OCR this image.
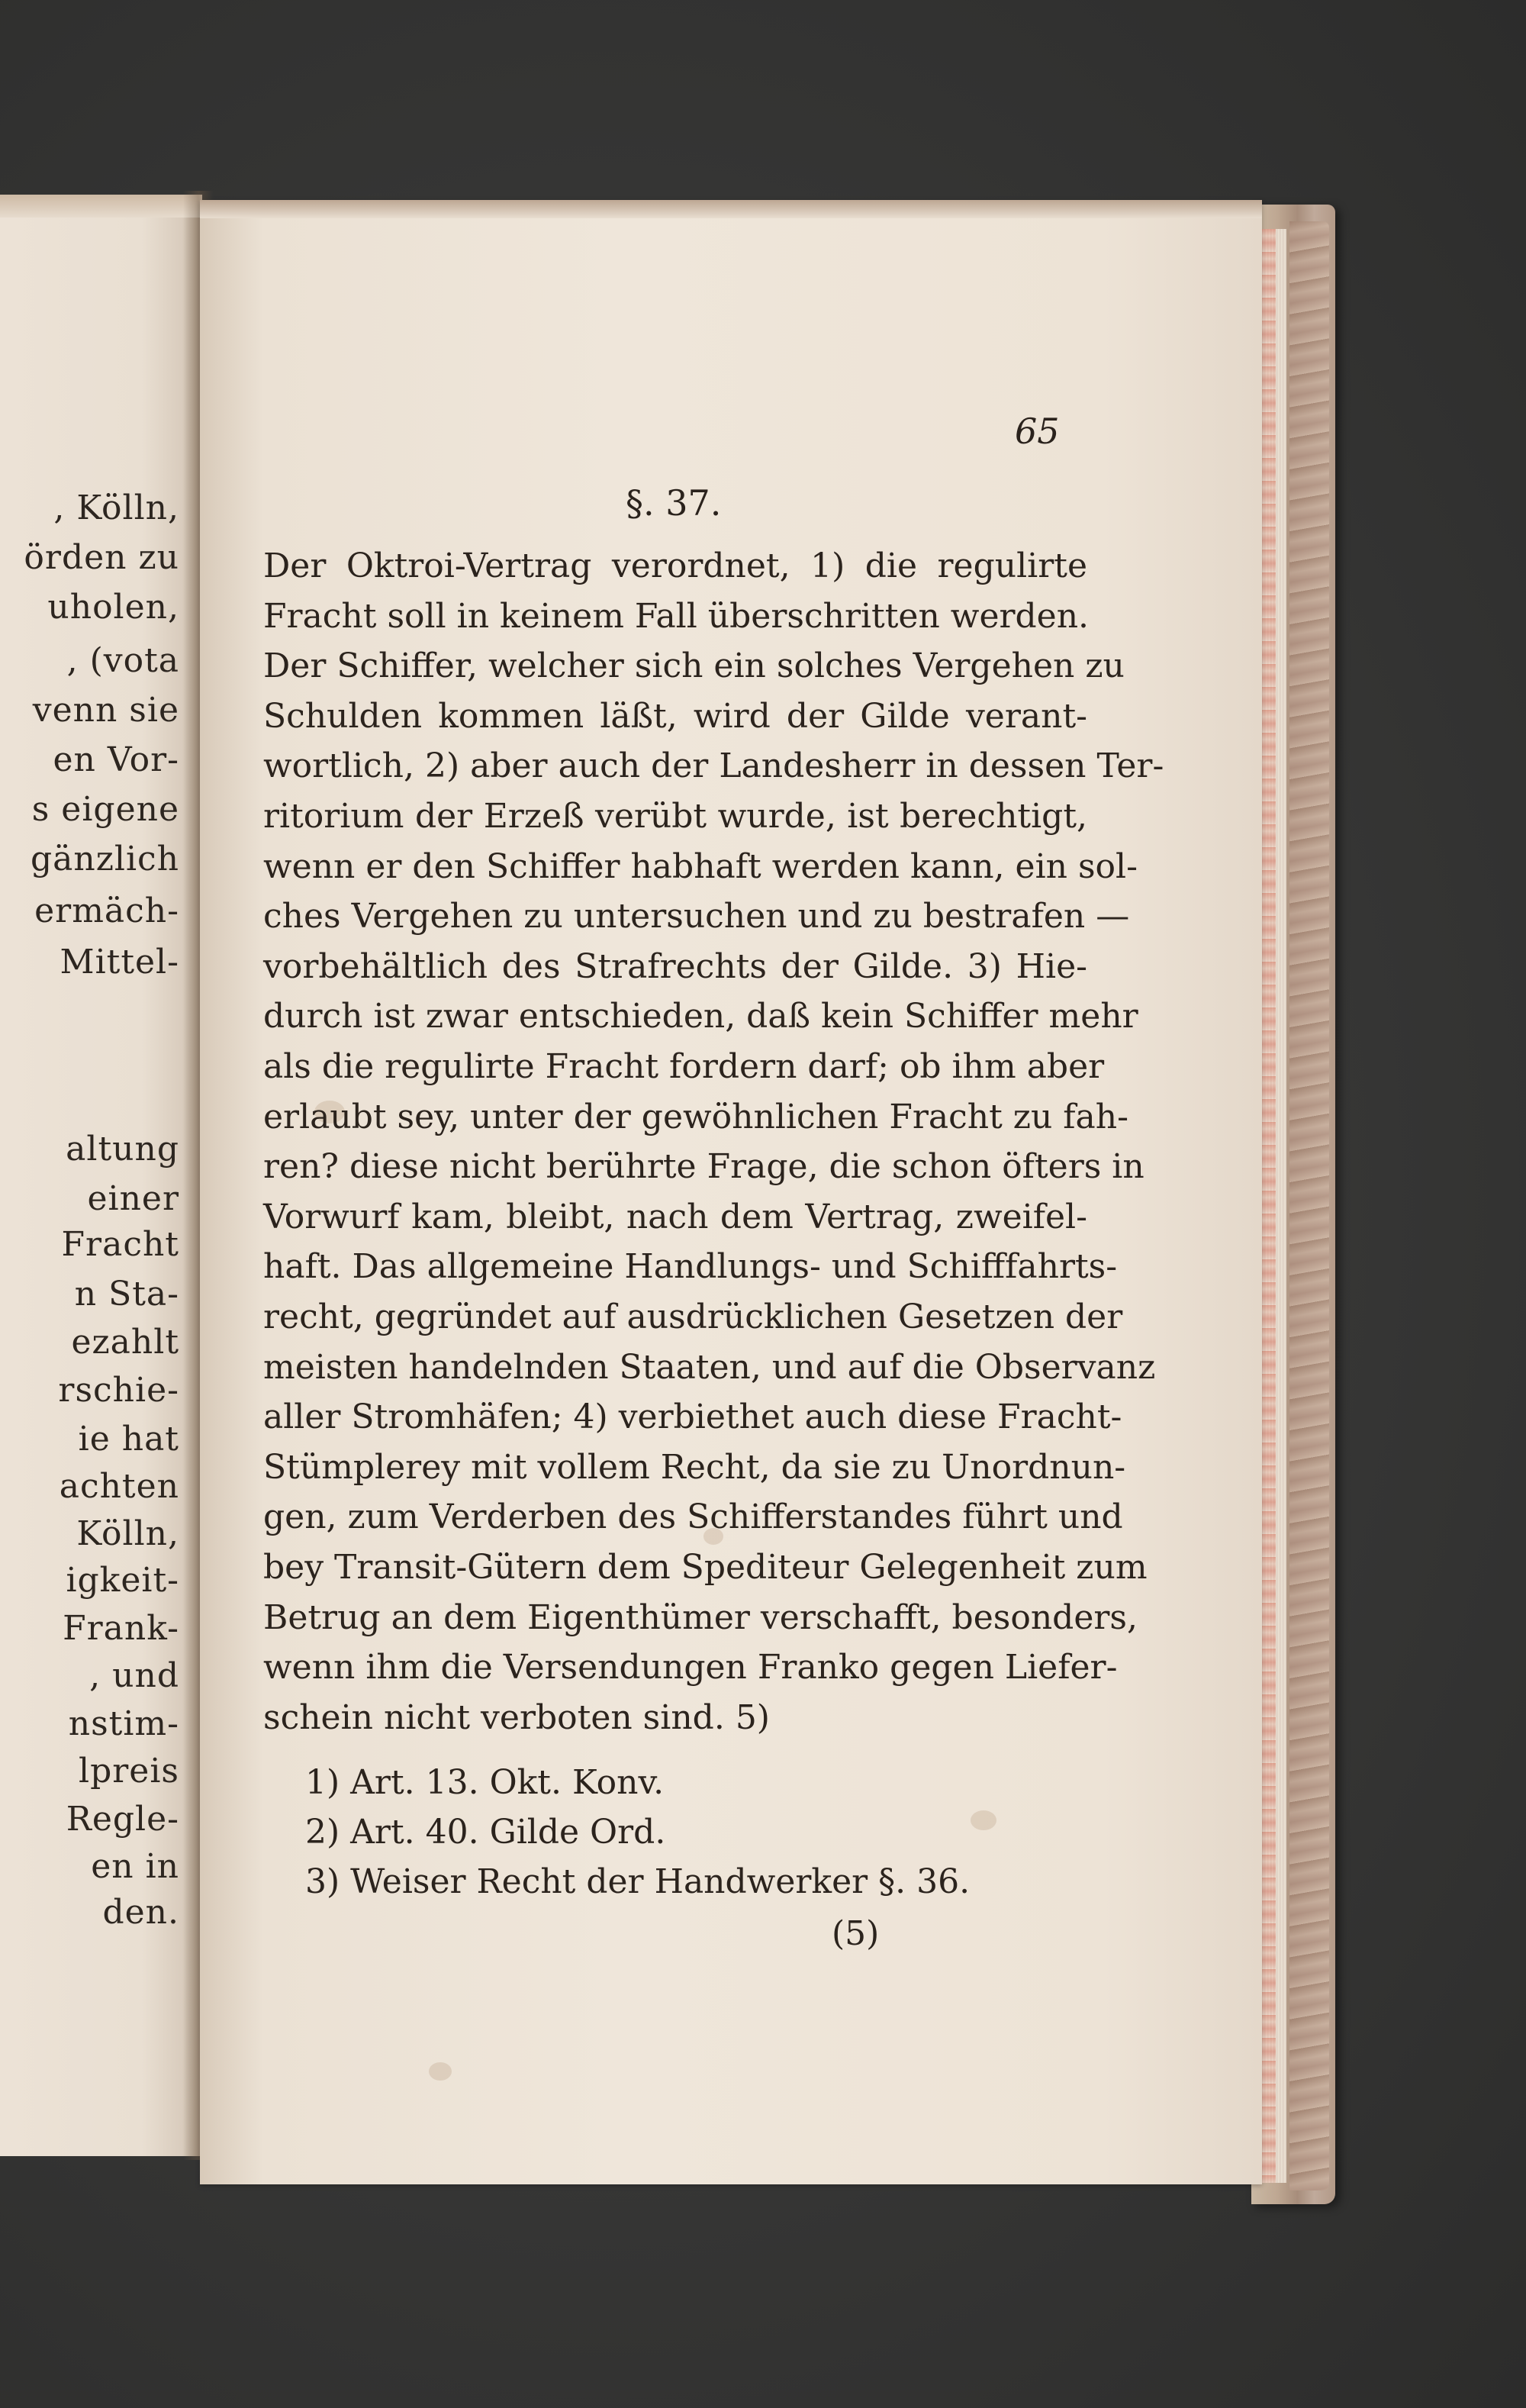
, Kölln,
örden zu
uholen,
, (vota
venn sie
en Vor-
s eigene
gänzlich
ermäch-
Mittel-
altung
einer
Fracht
n Sta-
ezahlt
rschie-
ie hat
achten
Kölln,
igkeit-
Frank-
, und
nstim-
lpreis
Regle-
en in
den.
65
§. 37.
Der Oktroi-Vertrag verordnet, 1) die regulirte
Fracht soll in keinem Fall überschritten werden.
Der Schiffer, welcher sich ein solches Vergehen zu
Schulden kommen läßt, wird der Gilde verant-
wortlich, 2) aber auch der Landesherr in dessen Ter-
ritorium der Erzeß verübt wurde, ist berechtigt,
wenn er den Schiffer habhaft werden kann, ein sol-
ches Vergehen zu untersuchen und zu bestrafen —
vorbehältlich des Strafrechts der Gilde. 3) Hie-
durch ist zwar entschieden, daß kein Schiffer mehr
als die regulirte Fracht fordern darf; ob ihm aber
erlaubt sey, unter der gewöhnlichen Fracht zu fah-
ren? diese nicht berührte Frage, die schon öfters in
Vorwurf kam, bleibt, nach dem Vertrag, zweifel-
haft. Das allgemeine Handlungs- und Schifffahrts-
recht, gegründet auf ausdrücklichen Gesetzen der
meisten handelnden Staaten, und auf die Observanz
aller Stromhäfen; 4) verbiethet auch diese Fracht-
Stümplerey mit vollem Recht, da sie zu Unordnun-
gen, zum Verderben des Schifferstandes führt und
bey Transit-Gütern dem Spediteur Gelegenheit zum
Betrug an dem Eigenthümer verschafft, besonders,
wenn ihm die Versendungen Franko gegen Liefer-
schein nicht verboten sind. 5)
1) Art. 13. Okt. Konv.
2) Art. 40. Gilde Ord.
3) Weiser Recht der Handwerker §. 36.
(5)
